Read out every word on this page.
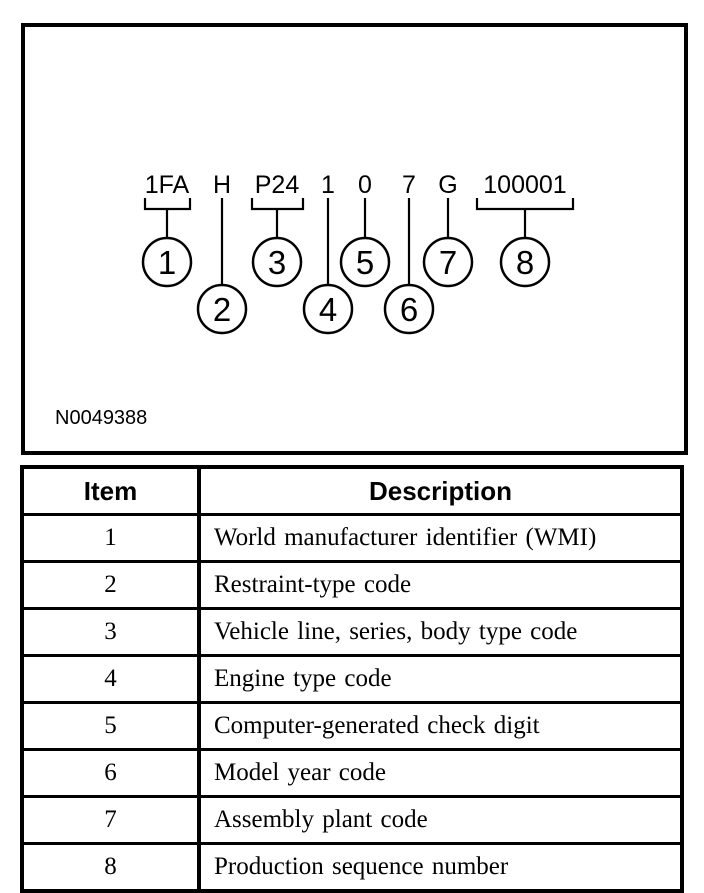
1FA
1
H
2
P24
3
1
4
0
5
7
6
G
7
100001
8
N0049388
Item	Description
1	World manufacturer identifier (WMI)
2	Restraint-type code
3	Vehicle line, series, body type code
4	Engine type code
5	Computer-generated check digit
6	Model year code
7	Assembly plant code
8	Production sequence number
